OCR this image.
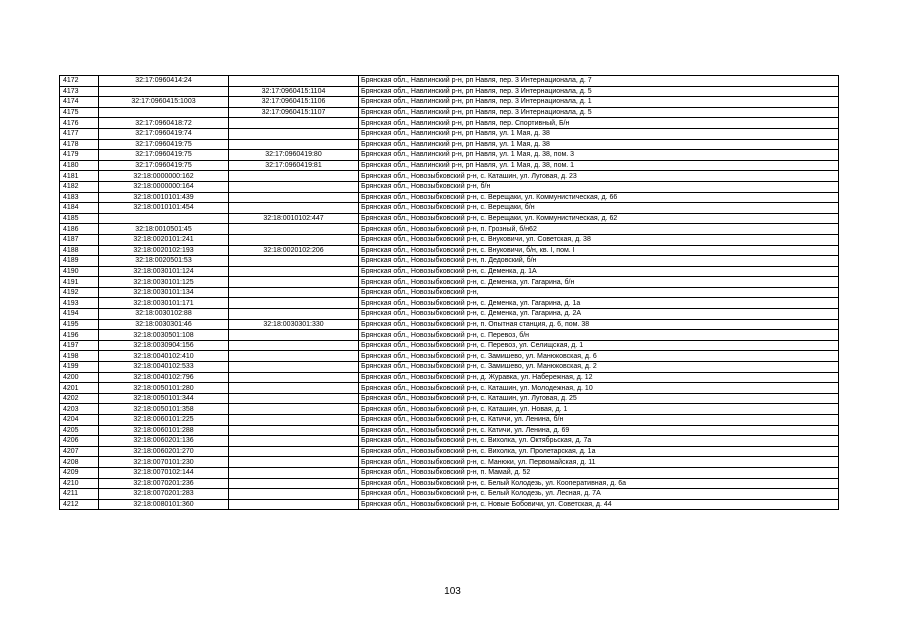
4172	32:17:0960414:24		Брянская обл., Навлинский р-н, рп Навля, пер. 3 Интернационала, д. 7
4173		32:17:0960415:1104	Брянская обл., Навлинский р-н, рп Навля, пер. 3 Интернационала, д. 5
4174	32:17:0960415:1003	32:17:0960415:1106	Брянская обл., Навлинский р-н, рп Навля, пер. 3 Интернационала, д. 1
4175		32:17:0960415:1107	Брянская обл., Навлинский р-н, рп Навля, пер. 3 Интернационала, д. 5
4176	32:17:0960418:72		Брянская обл., Навлинский р-н, рп Навля, пер. Спортивный, Б/н
4177	32:17:0960419:74		Брянская обл., Навлинский р-н, рп Навля, ул. 1 Мая, д. 38
4178	32:17:0960419:75		Брянская обл., Навлинский р-н, рп Навля, ул. 1 Мая, д. 38
4179	32:17:0960419:75	32:17:0960419:80	Брянская обл., Навлинский р-н, рп Навля, ул. 1 Мая, д. 38, пом. 3
4180	32:17:0960419:75	32:17:0960419:81	Брянская обл., Навлинский р-н, рп Навля, ул. 1 Мая, д. 38, пом. 1
4181	32:18:0000000:162		Брянская обл., Новозыбковский р-н, с. Каташин, ул. Луговая, д. 23
4182	32:18:0000000:164		Брянская обл., Новозыбковский р-н, б/н
4183	32:18:0010101:439		Брянская обл., Новозыбковский р-н, с. Верещаки, ул. Коммунистическая, д. 66
4184	32:18:0010101:454		Брянская обл., Новозыбковский р-н, с. Верещаки, б/н
4185		32:18:0010102:447	Брянская обл., Новозыбковский р-н, с. Верещаки, ул. Коммунистическая, д. 62
4186	32:18:0010501:45		Брянская обл., Новозыбковский р-н, п. Грозный, б/н62
4187	32:18:0020101:241		Брянская обл., Новозыбковский р-н, с. Внуковичи, ул. Советская, д. 38
4188	32:18:0020102:193	32:18:0020102:206	Брянская обл., Новозыбковский р-н, с. Внуковичи, б/н, кв. I, пом. I
4189	32:18:0020501:53		Брянская обл., Новозыбковский р-н, п. Дедовский, б/н
4190	32:18:0030101:124		Брянская обл., Новозыбковский р-н, с. Деменка, д. 1А
4191	32:18:0030101:125		Брянская обл., Новозыбковский р-н, с. Деменка, ул. Гагарина, б/н
4192	32:18:0030101:134		Брянская обл., Новозыбковский р-н,
4193	32:18:0030101:171		Брянская обл., Новозыбковский р-н, с. Деменка, ул. Гагарина, д. 1а
4194	32:18:0030102:88		Брянская обл., Новозыбковский р-н, с. Деменка, ул. Гагарина, д. 2А
4195	32:18:0030301:46	32:18:0030301:330	Брянская обл., Новозыбковский р-н, п. Опытная станция, д. 6, пом. 38
4196	32:18:0030501:108		Брянская обл., Новозыбковский р-н, с. Перевоз, б/н
4197	32:18:0030904:156		Брянская обл., Новозыбковский р-н, с. Перевоз, ул. Селищская, д. 1
4198	32:18:0040102:410		Брянская обл., Новозыбковский р-н, с. Замишево, ул. Манюковская, д. 6
4199	32:18:0040102:533		Брянская обл., Новозыбковский р-н, с. Замишево, ул. Манюковская, д. 2
4200	32:18:0040102:796		Брянская обл., Новозыбковский р-н, д. Журавка, ул. Набережная, д. 12
4201	32:18:0050101:280		Брянская обл., Новозыбковский р-н, с. Каташин, ул. Молодежная, д. 10
4202	32:18:0050101:344		Брянская обл., Новозыбковский р-н, с. Каташин, ул. Луговая, д. 25
4203	32:18:0050101:358		Брянская обл., Новозыбковский р-н, с. Каташин, ул. Новая, д. 1
4204	32:18:0060101:225		Брянская обл., Новозыбковский р-н, с. Катичи, ул. Ленина, б/н
4205	32:18:0060101:288		Брянская обл., Новозыбковский р-н, с. Катичи, ул. Ленина, д. 69
4206	32:18:0060201:136		Брянская обл., Новозыбковский р-н, с. Вихолка, ул. Октябрьская, д. 7а
4207	32:18:0060201:270		Брянская обл., Новозыбковский р-н, с. Вихолка, ул. Пролетарская, д. 1а
4208	32:18:0070101:230		Брянская обл., Новозыбковский р-н, с. Манюки, ул. Первомайская, д. 11
4209	32:18:0070102:144		Брянская обл., Новозыбковский р-н, п. Мамай, д. 52
4210	32:18:0070201:236		Брянская обл., Новозыбковский р-н, с. Белый Колодезь, ул. Кооперативная, д. 6а
4211	32:18:0070201:283		Брянская обл., Новозыбковский р-н, с. Белый Колодезь, ул. Лесная, д. 7А
4212	32:18:0080101:360		Брянская обл., Новозыбковский р-н, с. Новые Бобовичи, ул. Советская, д. 44
103
